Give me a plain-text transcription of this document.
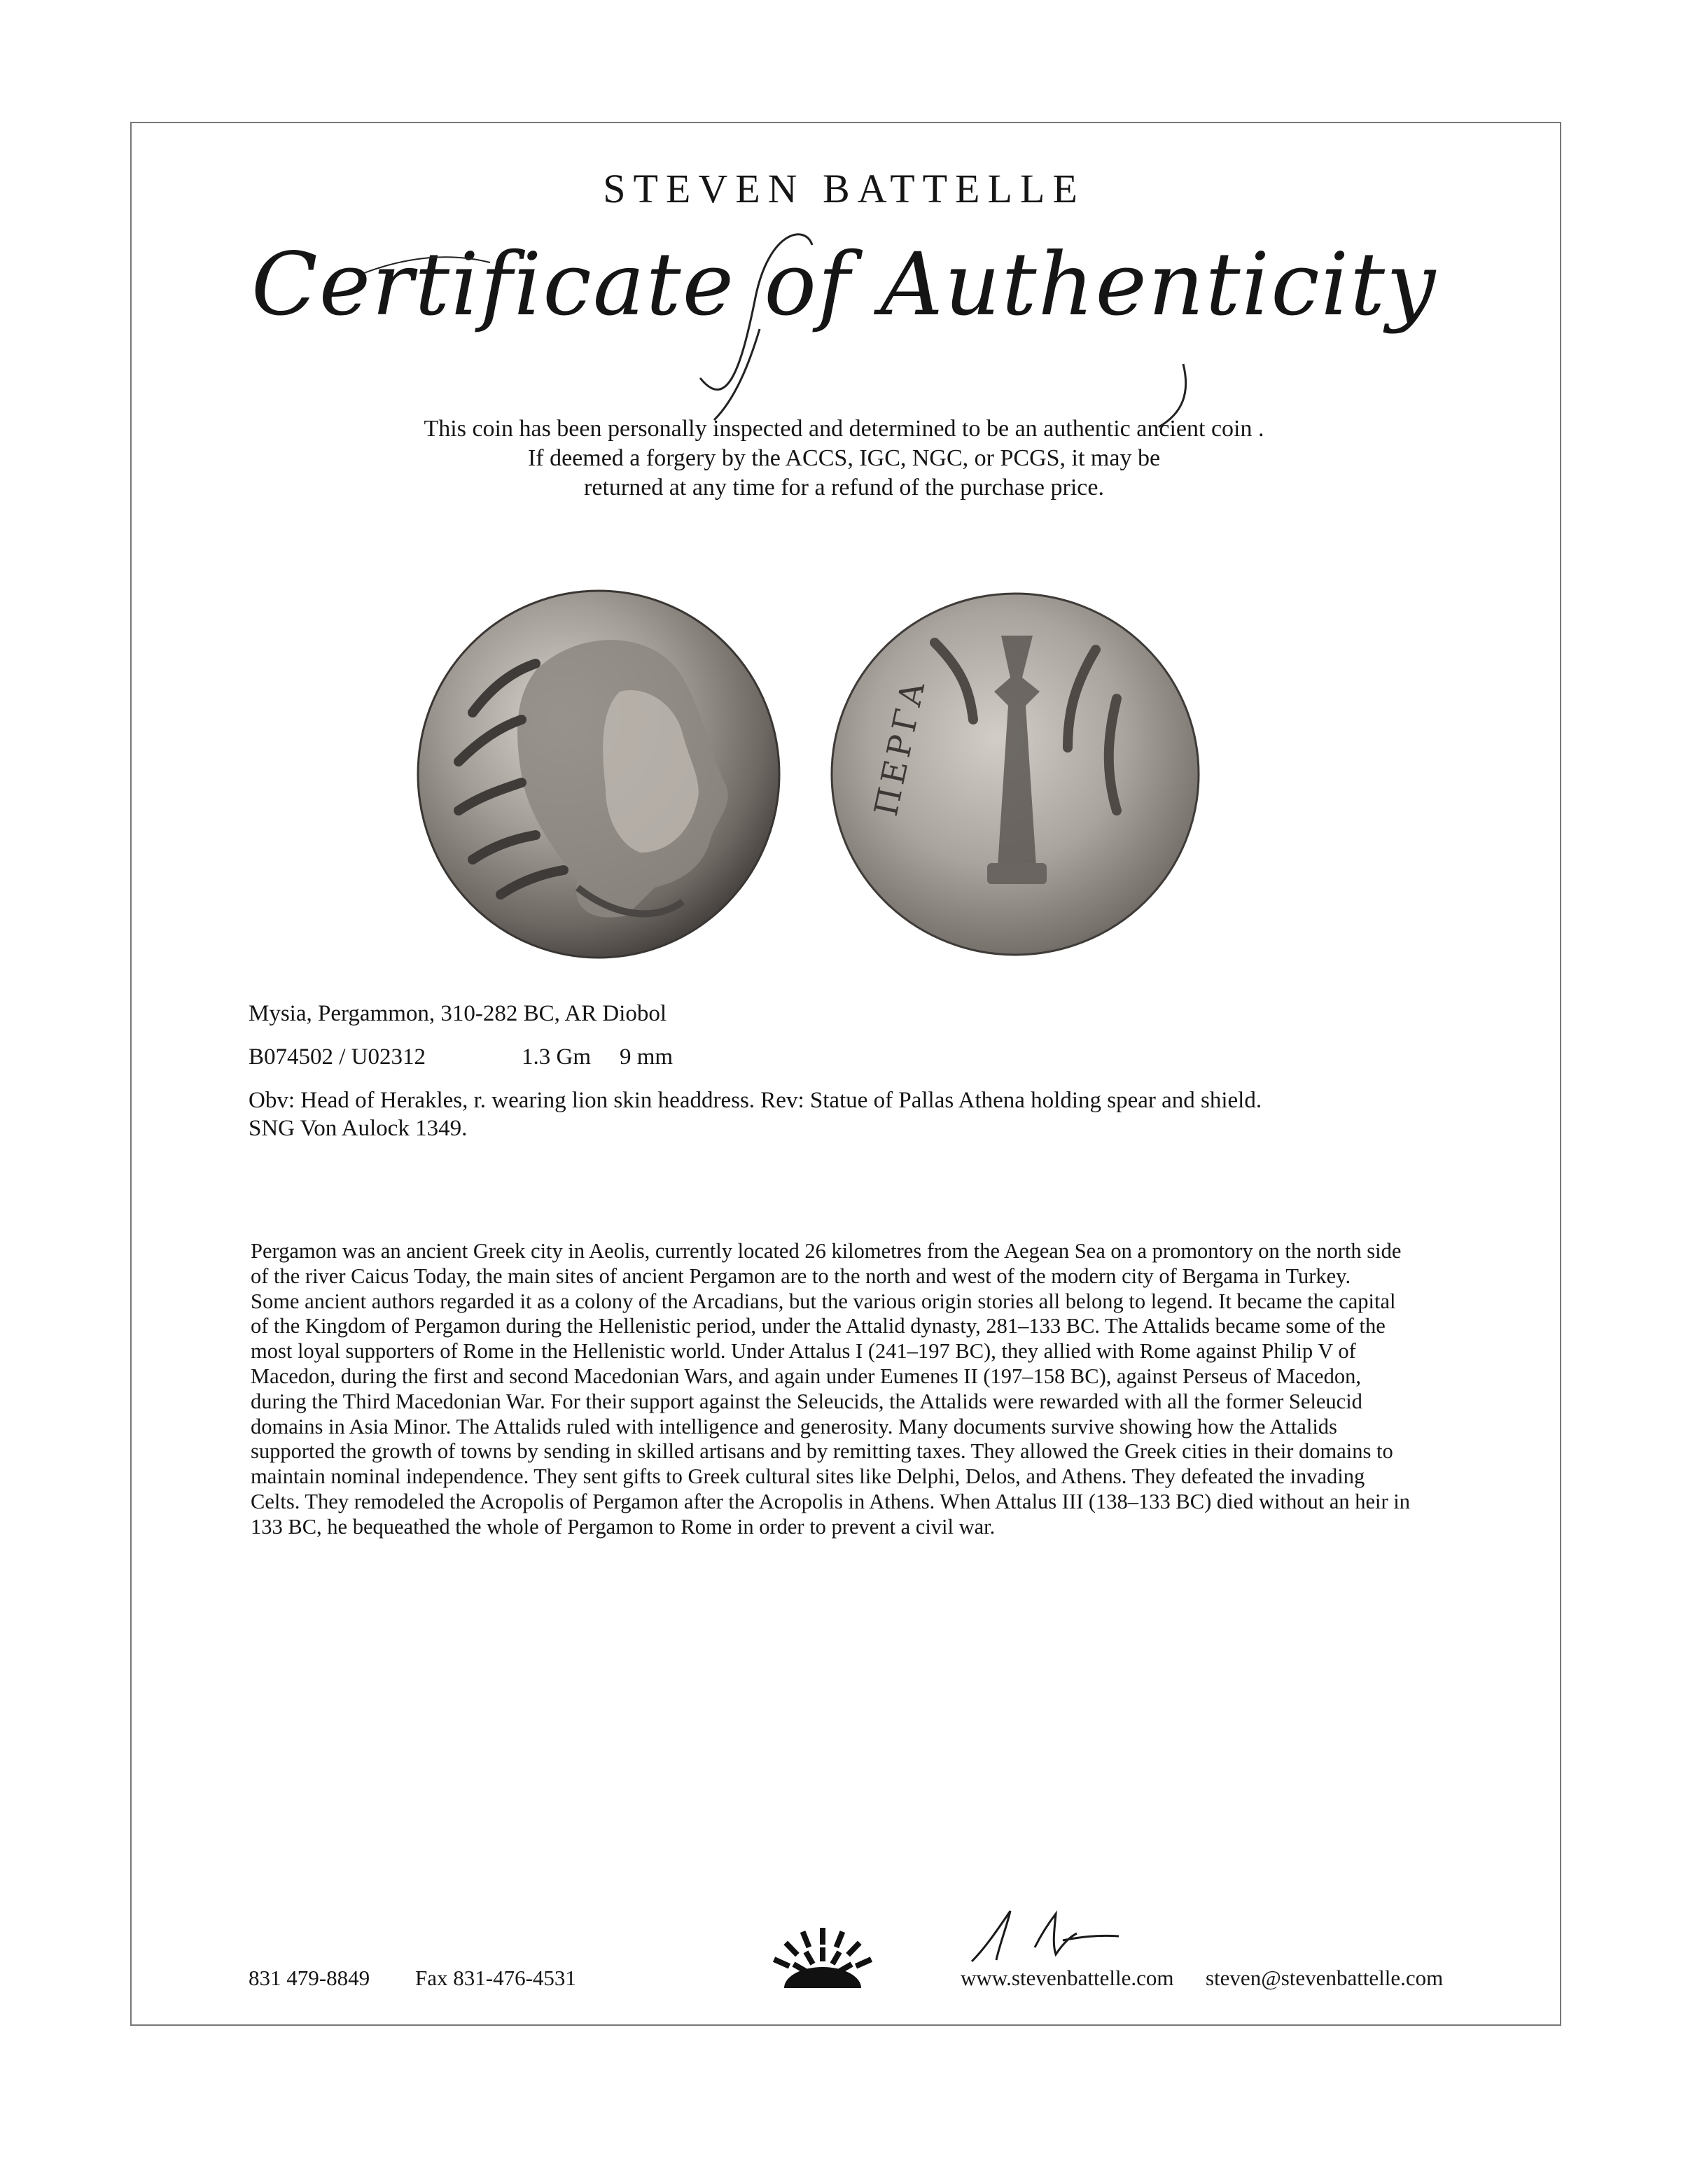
STEVEN BATTELLE
Certificate of Authenticity
This coin has been personally inspected and determined to be an authentic ancient coin .
If deemed a forgery by the ACCS, IGC, NGC, or PCGS, it may be
returned at any time for a refund of the purchase price.
ΠΕΡΓΑ
Mysia, Pergammon, 310-282 BC, AR Diobol
B074502 / U02312	1.3 Gm 9 mm
Obv: Head of Herakles, r. wearing lion skin headdress. Rev: Statue of Pallas Athena holding spear and shield.
SNG Von Aulock 1349.

Pergamon was an ancient Greek city in Aeolis, currently located 26 kilometres from the Aegean Sea on a promontory on the north side of the river Caicus Today, the main sites of ancient Pergamon are to the north and west of the modern city of Bergama in Turkey.

Some ancient authors regarded it as a colony of the Arcadians, but the various origin stories all belong to legend. It became the capital of the Kingdom of Pergamon during the Hellenistic period, under the Attalid dynasty, 281–133 BC. The Attalids became some of the most loyal supporters of Rome in the Hellenistic world. Under Attalus I (241–197 BC), they allied with Rome against Philip V of Macedon, during the first and second Macedonian Wars, and again under Eumenes II (197–158 BC), against Perseus of Macedon, during the Third Macedonian War. For their support against the Seleucids, the Attalids were rewarded with all the former Seleucid domains in Asia Minor. The Attalids ruled with intelligence and generosity. Many documents survive showing how the Attalids supported the growth of towns by sending in skilled artisans and by remitting taxes. They allowed the Greek cities in their domains to maintain nominal independence. They sent gifts to Greek cultural sites like Delphi, Delos, and Athens. They defeated the invading Celts. They remodeled the Acropolis of Pergamon after the Acropolis in Athens. When Attalus III (138–133 BC) died without an heir in 133 BC, he bequeathed the whole of Pergamon to Rome in order to prevent a civil war.

831 479-8849 Fax 831-476-4531	www.stevenbattelle.com steven@stevenbattelle.com
